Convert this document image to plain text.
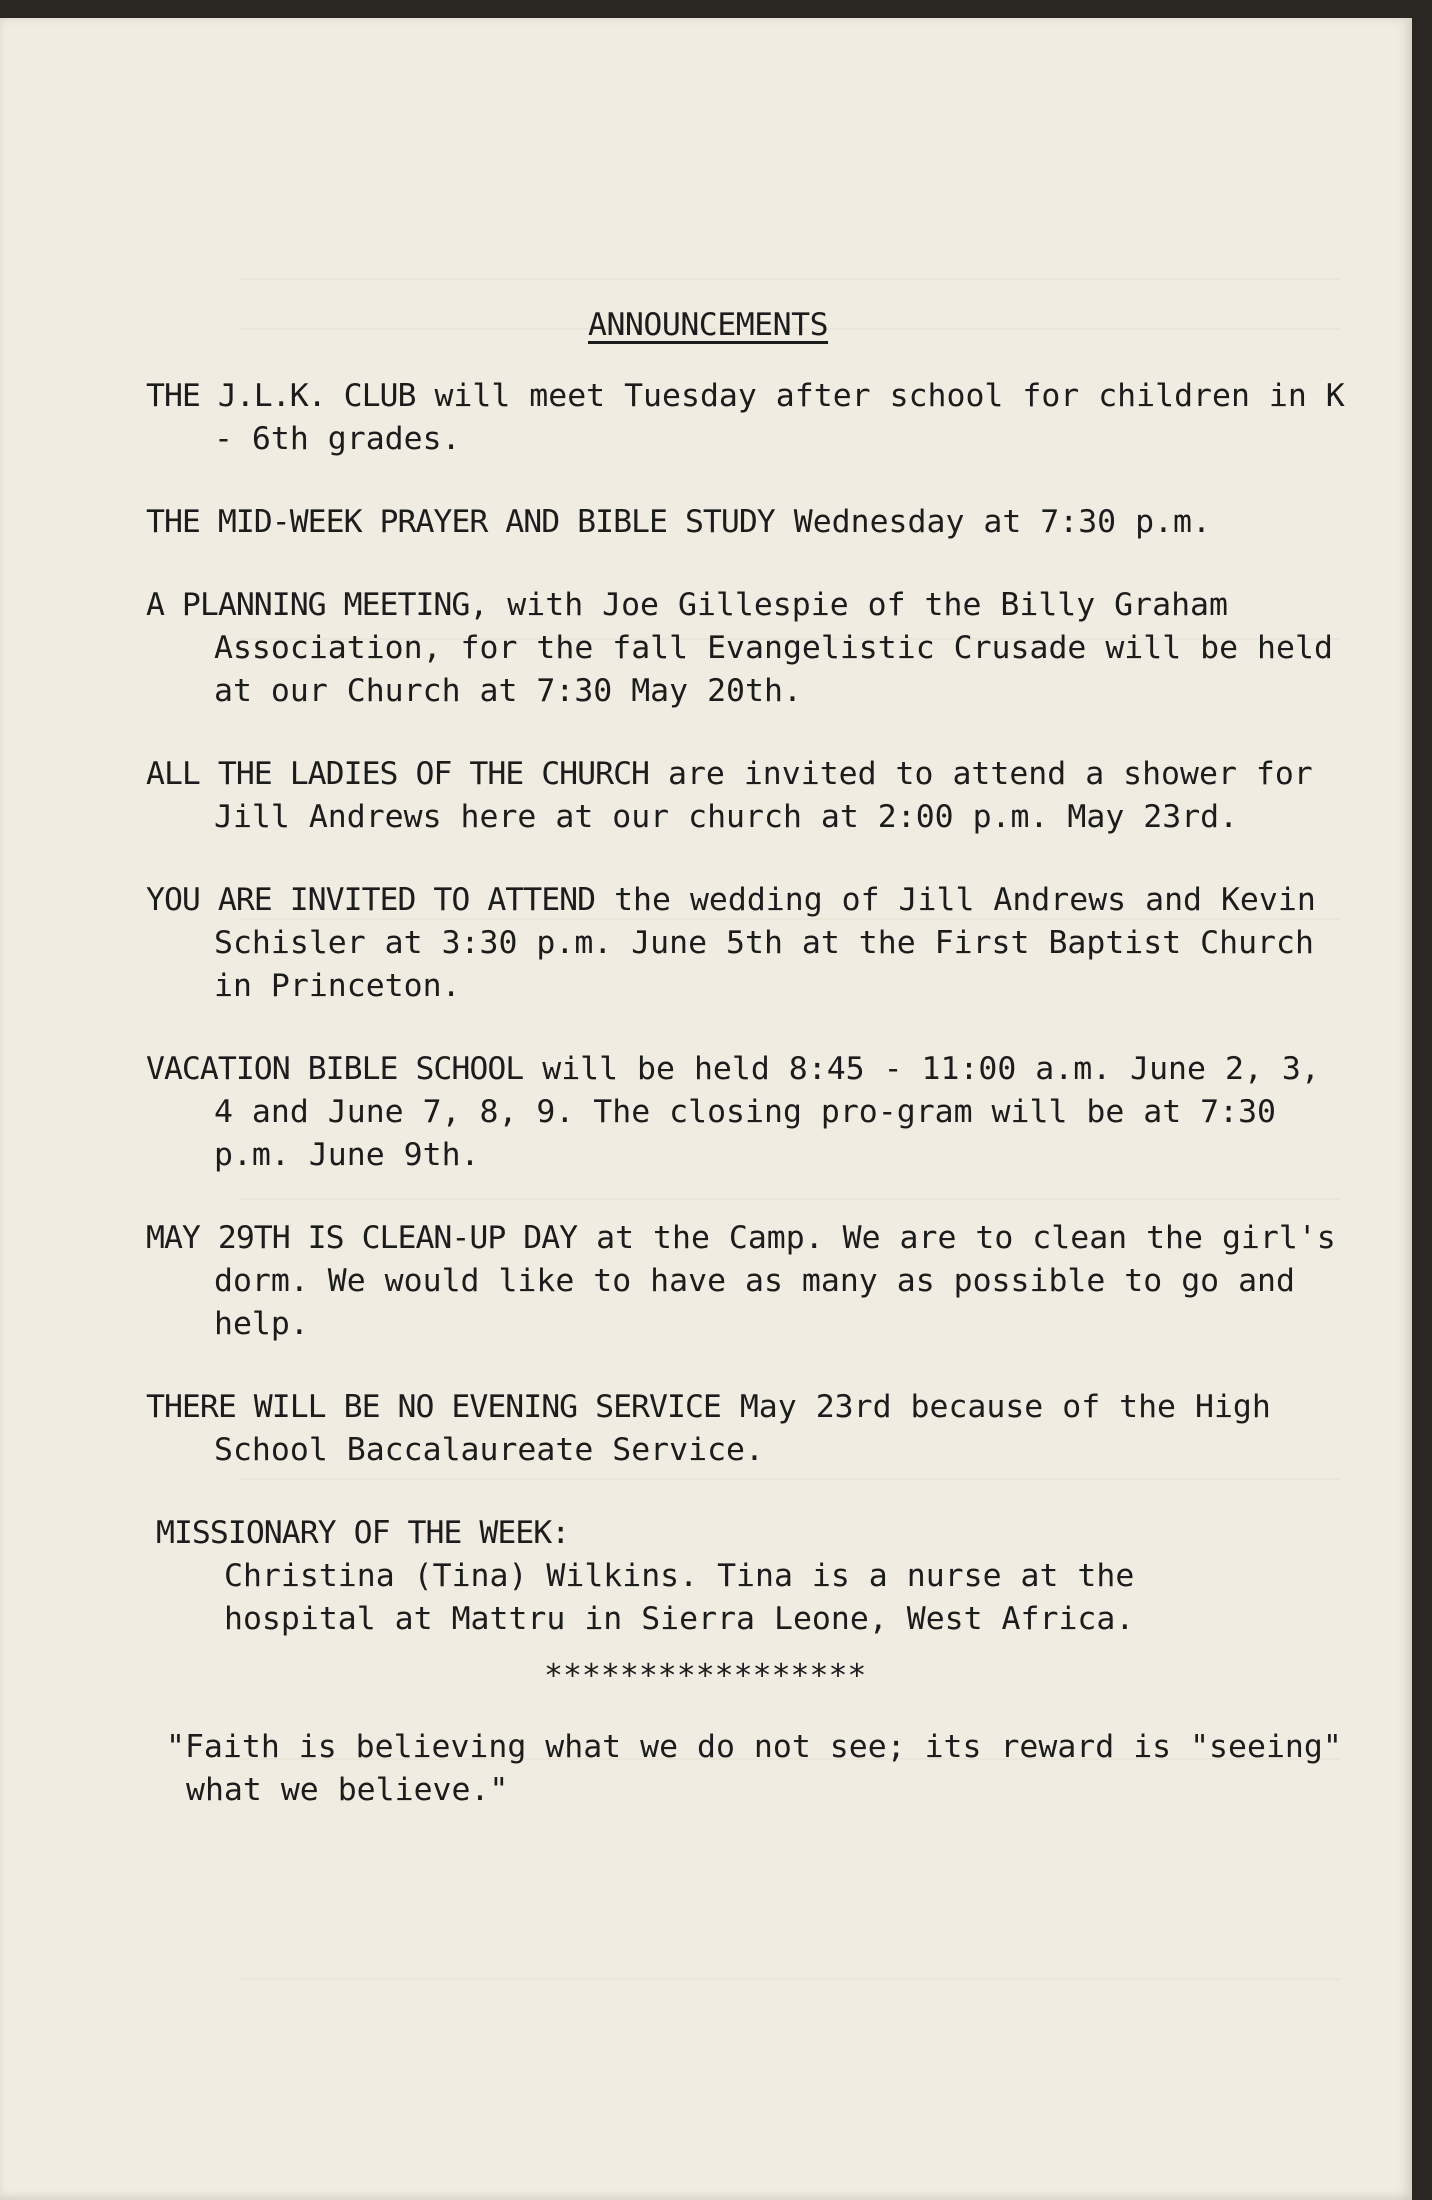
ANNOUNCEMENTS

THE J.L.K. CLUB will meet Tuesday after school for children in K - 6th grades.

THE MID-WEEK PRAYER AND BIBLE STUDY Wednesday at 7:30 p.m.

A PLANNING MEETING, with Joe Gillespie of the Billy Graham Association, for the fall Evangelistic Crusade will be held at our Church at 7:30 May 20th.

ALL THE LADIES OF THE CHURCH are invited to attend a shower for Jill Andrews here at our church at 2:00 p.m. May 23rd.

YOU ARE INVITED TO ATTEND the wedding of Jill Andrews and Kevin Schisler at 3:30 p.m. June 5th at the First Baptist Church in Princeton.

VACATION BIBLE SCHOOL will be held 8:45 - 11:00 a.m. June 2, 3, 4 and June 7, 8, 9. The closing pro-gram will be at 7:30 p.m. June 9th.

MAY 29TH IS CLEAN-UP DAY at the Camp. We are to clean the girl's dorm. We would like to have as many as possible to go and help.

THERE WILL BE NO EVENING SERVICE May 23rd because of the High School Baccalaureate Service.

MISSIONARY OF THE WEEK:

Christina (Tina) Wilkins. Tina is a nurse at the hospital at Mattru in Sierra Leone, West Africa.

*****************
"Faith is believing what we do not see; its reward is "seeing" what we believe."
